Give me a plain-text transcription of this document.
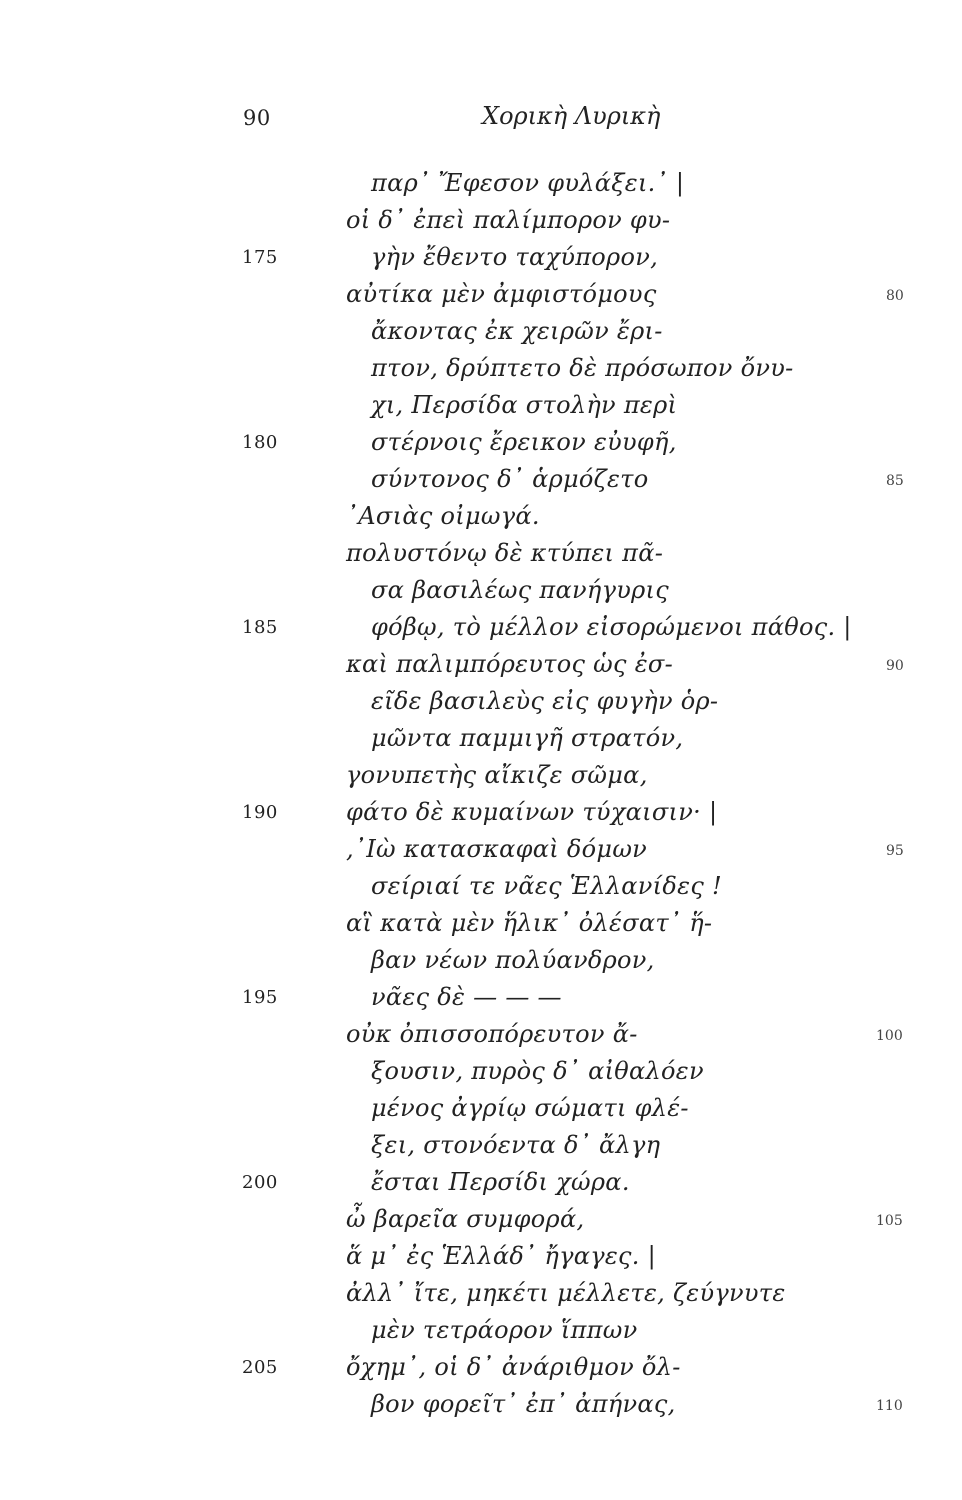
90	Χορικὴ Λυρικὴ
παρ᾽ Ἔφεσον φυλάξει.᾽ |
οἱ δ᾽ ἐπεὶ παλίμπορον φυ-
γὴν ἔθεντο ταχύπορον,
αὐτίκα μὲν ἀμφιστόμους
ἄκοντας ἐκ χειρῶν ἔρι-
πτον, δρύπτετο δὲ πρόσωπον ὄνυ-
χι, Περσίδα στολὴν περὶ
στέρνοις ἔρεικον εὐυφῆ,
σύντονος δ᾽ ἁρμόζετο
᾽Ασιὰς οἰμωγά.
πολυστόνῳ δὲ κτύπει πᾶ-
σα βασιλέως πανήγυρις
φόβῳ, τὸ μέλλον εἰσορώμενοι πάθος. |
καὶ παλιμπόρευτος ὡς ἐσ-
εῖδε βασιλεὺς εἰς φυγὴν ὁρ-
μῶντα παμμιγῆ στρατόν,
γονυπετὴς αἴκιζε σῶμα,
φάτο δὲ κυμαίνων τύχαισιν· |
,᾽Ιὼ κατασκαφαὶ δόμων
σείριαί τε νᾶες Ἑλλανίδες !
αἳ κατὰ μὲν ἥλικ᾽ ὀλέσατ᾽ ἥ-
βαν νέων πολύανδρον,
νᾶες δὲ — — —
οὐκ ὀπισσοπόρευτον ἄ-
ξουσιν, πυρὸς δ᾽ αἰθαλόεν
μένος ἀγρίῳ σώματι φλέ-
ξει, στονόεντα δ᾽ ἄλγη
ἔσται Περσίδι χώρα.
ὦ βαρεῖα συμφορά,
ἅ μ᾽ ἐς Ἑλλάδ᾽ ἤγαγες. |
ἀλλ᾽ ἴτε, μηκέτι μέλλετε, ζεύγνυτε
μὲν τετράορον ἵππων
ὄχημ᾽, οἱ δ᾽ ἀνάριθμον ὄλ-
βον φορεῖτ᾽ ἐπ᾽ ἀπήνας,
175
180
185
190
195
200
205
80
85
90
95
100
105
110
